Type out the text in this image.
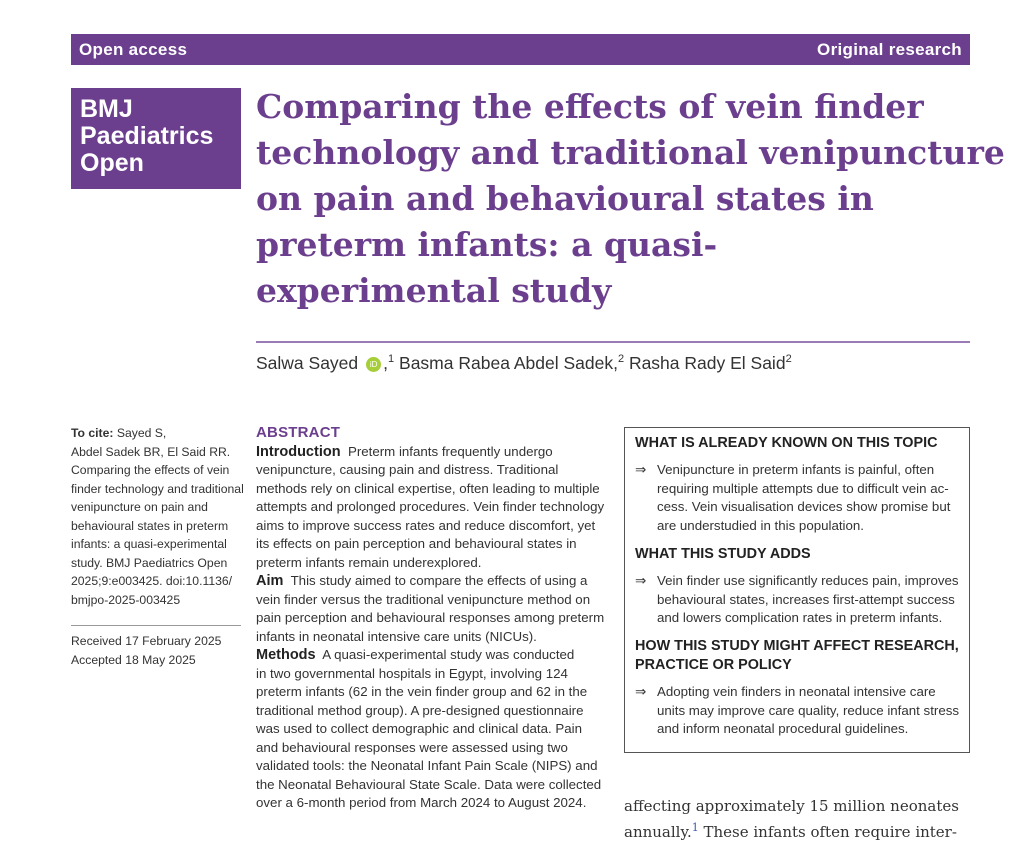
Open access	Original research
BMJ
Paediatrics
Open
Comparing the effects of vein finder
technology and traditional venipuncture
on pain and behavioural states in
preterm infants: a quasi-
experimental study
Salwa Sayed iD ,$^1$ Basma Rabea Abdel Sadek,$^2$ Rasha Rady El Said$^2$
To cite: Sayed S,
Abdel Sadek BR, El Said RR.
Comparing the effects of vein
finder technology and traditional
venipuncture on pain and
behavioural states in preterm
infants: a quasi-experimental
study. BMJ Paediatrics Open
2025;9:e003425. doi:10.1136/
bmjpo-2025-003425
Received 17 February 2025
Accepted 18 May 2025
ABSTRACT
Introduction Preterm infants frequently undergo
venipuncture, causing pain and distress. Traditional
methods rely on clinical expertise, often leading to multiple
attempts and prolonged procedures. Vein finder technology
aims to improve success rates and reduce discomfort, yet
its effects on pain perception and behavioural states in
preterm infants remain underexplored.
Aim This study aimed to compare the effects of using a
vein finder versus the traditional venipuncture method on
pain perception and behavioural responses among preterm
infants in neonatal intensive care units (NICUs).
Methods A quasi-experimental study was conducted
in two governmental hospitals in Egypt, involving 124
preterm infants (62 in the vein finder group and 62 in the
traditional method group). A pre-designed questionnaire
was used to collect demographic and clinical data. Pain
and behavioural responses were assessed using two
validated tools: the Neonatal Infant Pain Scale (NIPS) and
the Neonatal Behavioural State Scale. Data were collected
over a 6-month period from March 2024 to August 2024.
WHAT IS ALREADY KNOWN ON THIS TOPIC
⇒ Venipuncture in preterm infants is painful, often
requiring multiple attempts due to difficult vein ac-
cess. Vein visualisation devices show promise but
are understudied in this population.
WHAT THIS STUDY ADDS
⇒ Vein finder use significantly reduces pain, improves
behavioural states, increases first-attempt success
and lowers complication rates in preterm infants.
HOW THIS STUDY MIGHT AFFECT RESEARCH,
PRACTICE OR POLICY
⇒ Adopting vein finders in neonatal intensive care
units may improve care quality, reduce infant stress
and inform neonatal procedural guidelines.
affecting approximately 15 million neonates
annually.$^1$ These infants often require inter-
